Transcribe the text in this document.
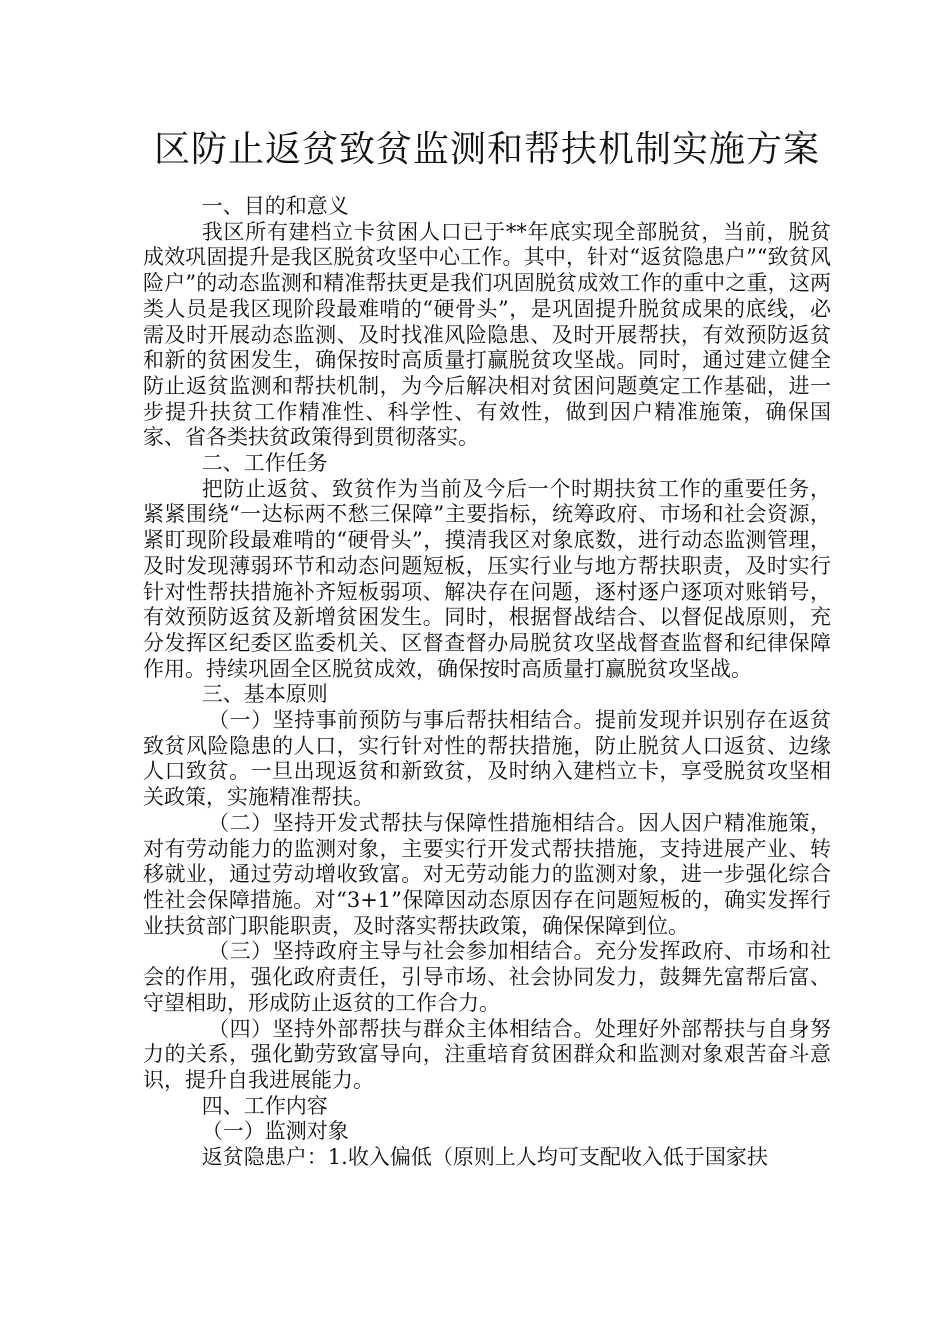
区防止返贫致贫监测和帮扶机制实施方案

一、目的和意义

我区所有建档立卡贫困人口已于**年底实现全部脱贫，当前，脱贫成效巩固提升是我区脱贫攻坚中心工作。其中，针对“返贫隐患户”“致贫风险户”的动态监测和精准帮扶更是我们巩固脱贫成效工作的重中之重，这两类人员是我区现阶段最难啃的“硬骨头”，是巩固提升脱贫成果的底线，必需及时开展动态监测、及时找准风险隐患、及时开展帮扶，有效预防返贫和新的贫困发生，确保按时高质量打赢脱贫攻坚战。同时，通过建立健全防止返贫监测和帮扶机制，为今后解决相对贫困问题奠定工作基础，进一步提升扶贫工作精准性、科学性、有效性，做到因户精准施策，确保国家、省各类扶贫政策得到贯彻落实。

二、工作任务

把防止返贫、致贫作为当前及今后一个时期扶贫工作的重要任务，紧紧围绕“一达标两不愁三保障”主要指标，统筹政府、市场和社会资源，紧盯现阶段最难啃的“硬骨头”，摸清我区对象底数，进行动态监测管理，及时发现薄弱环节和动态问题短板，压实行业与地方帮扶职责，及时实行针对性帮扶措施补齐短板弱项、解决存在问题，逐村逐户逐项对账销号，有效预防返贫及新增贫困发生。同时，根据督战结合、以督促战原则，充分发挥区纪委区监委机关、区督查督办局脱贫攻坚战督查监督和纪律保障作用。持续巩固全区脱贫成效，确保按时高质量打赢脱贫攻坚战。

三、基本原则

（一）坚持事前预防与事后帮扶相结合。提前发现并识别存在返贫致贫风险隐患的人口，实行针对性的帮扶措施，防止脱贫人口返贫、边缘人口致贫。一旦出现返贫和新致贫，及时纳入建档立卡，享受脱贫攻坚相关政策，实施精准帮扶。

（二）坚持开发式帮扶与保障性措施相结合。因人因户精准施策，对有劳动能力的监测对象，主要实行开发式帮扶措施，支持进展产业、转移就业，通过劳动增收致富。对无劳动能力的监测对象，进一步强化综合性社会保障措施。对“3+1”保障因动态原因存在问题短板的，确实发挥行业扶贫部门职能职责，及时落实帮扶政策，确保保障到位。

（三）坚持政府主导与社会参加相结合。充分发挥政府、市场和社会的作用，强化政府责任，引导市场、社会协同发力，鼓舞先富帮后富、守望相助，形成防止返贫的工作合力。

（四）坚持外部帮扶与群众主体相结合。处理好外部帮扶与自身努力的关系，强化勤劳致富导向，注重培育贫困群众和监测对象艰苦奋斗意识，提升自我进展能力。

四、工作内容

（一）监测对象

返贫隐患户：1.收入偏低（原则上人均可支配收入低于国家扶
